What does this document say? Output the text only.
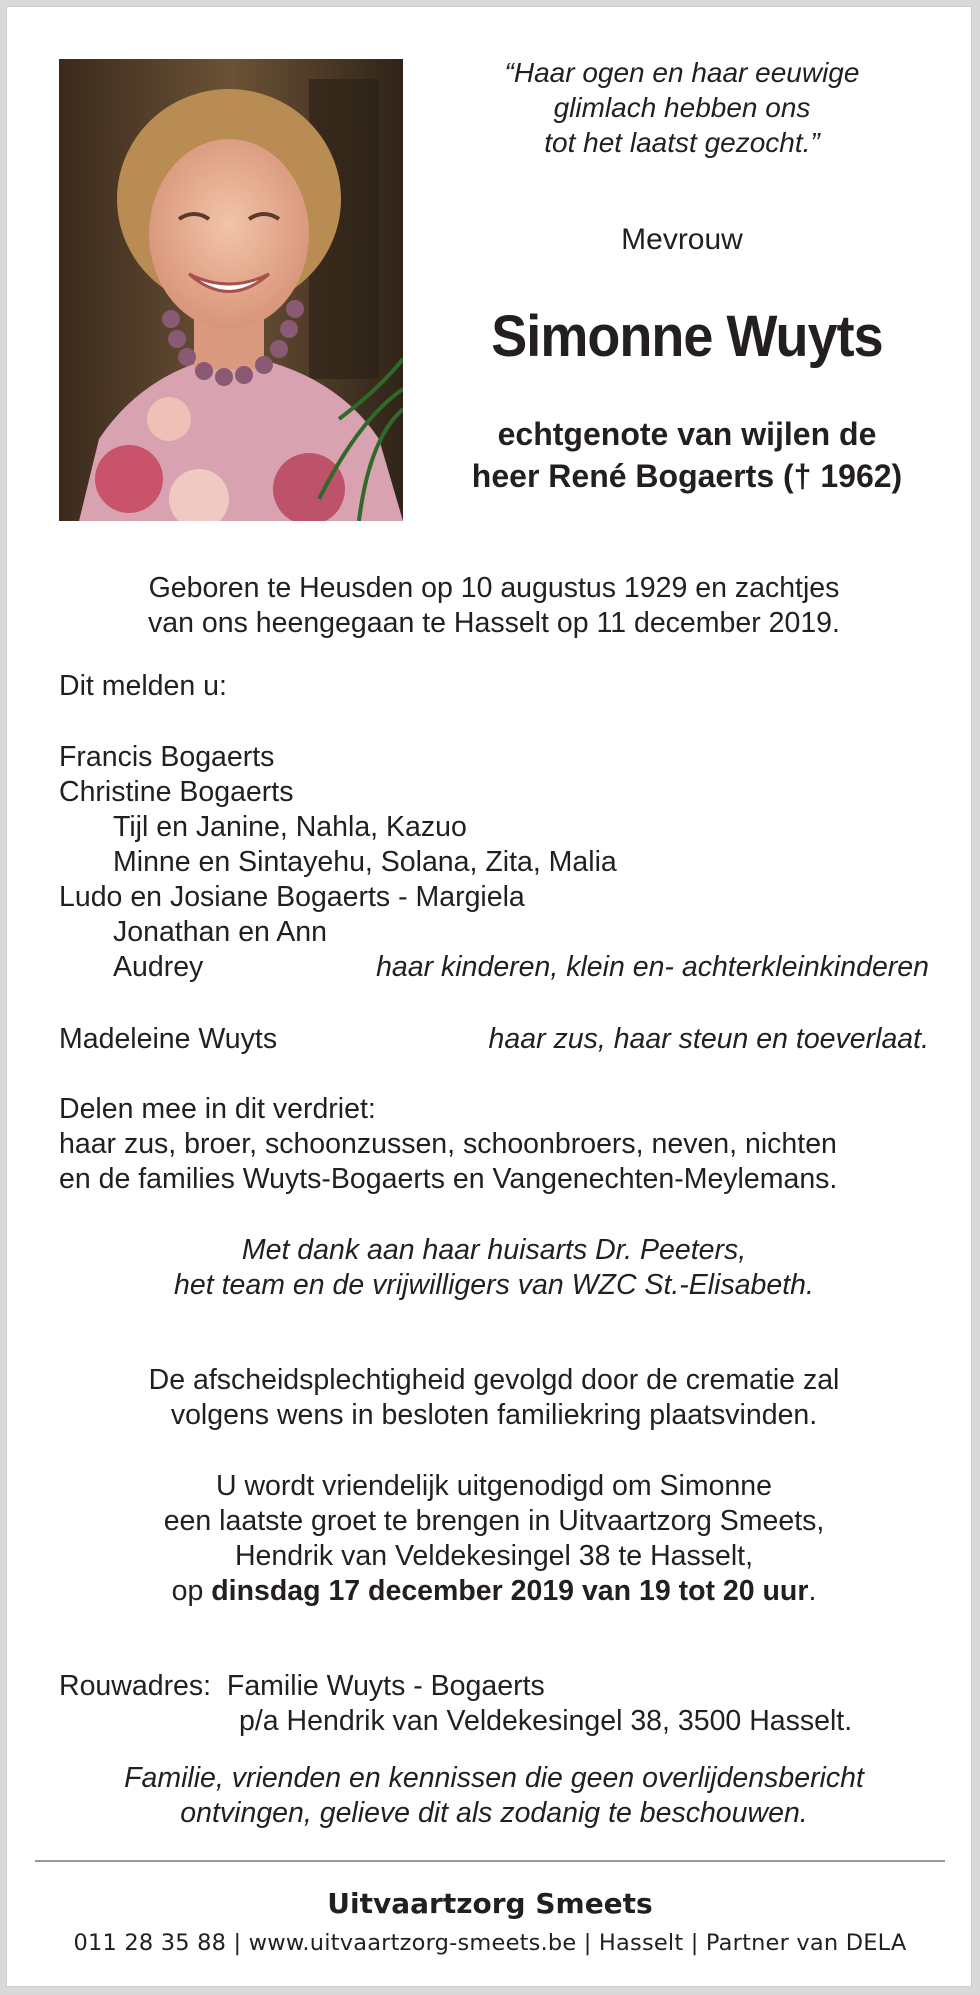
“Haar ogen en haar eeuwige
glimlach hebben ons
tot het laatst gezocht.”
Mevrouw
Simonne Wuyts
echtgenote van wijlen de
heer René Bogaerts († 1962)
Geboren te Heusden op 10 augustus 1929 en zachtjes
van ons heengegaan te Hasselt op 11 december 2019.
Dit melden u:
Francis Bogaerts
Christine Bogaerts
Tijl en Janine, Nahla, Kazuo
Minne en Sintayehu, Solana, Zita, Malia
Ludo en Josiane Bogaerts - Margiela
Jonathan en Ann
Audrey	haar kinderen, klein en- achterkleinkinderen
Madeleine Wuyts	haar zus, haar steun en toeverlaat.
Delen mee in dit verdriet:
haar zus, broer, schoonzussen, schoonbroers, neven, nichten
en de families Wuyts-Bogaerts en Vangenechten-Meylemans.
Met dank aan haar huisarts Dr. Peeters,
het team en de vrijwilligers van WZC St.-Elisabeth.
De afscheidsplechtigheid gevolgd door de crematie zal
volgens wens in besloten familiekring plaatsvinden.
U wordt vriendelijk uitgenodigd om Simonne
een laatste groet te brengen in Uitvaartzorg Smeets,
Hendrik van Veldekesingel 38 te Hasselt,
op dinsdag 17 december 2019 van 19 tot 20 uur.
Rouwadres: Familie Wuyts - Bogaerts
p/a Hendrik van Veldekesingel 38, 3500 Hasselt.
Familie, vrienden en kennissen die geen overlijdensbericht
ontvingen, gelieve dit als zodanig te beschouwen.
Uitvaartzorg Smeets
011 28 35 88 | www.uitvaartzorg-smeets.be | Hasselt | Partner van DELA
